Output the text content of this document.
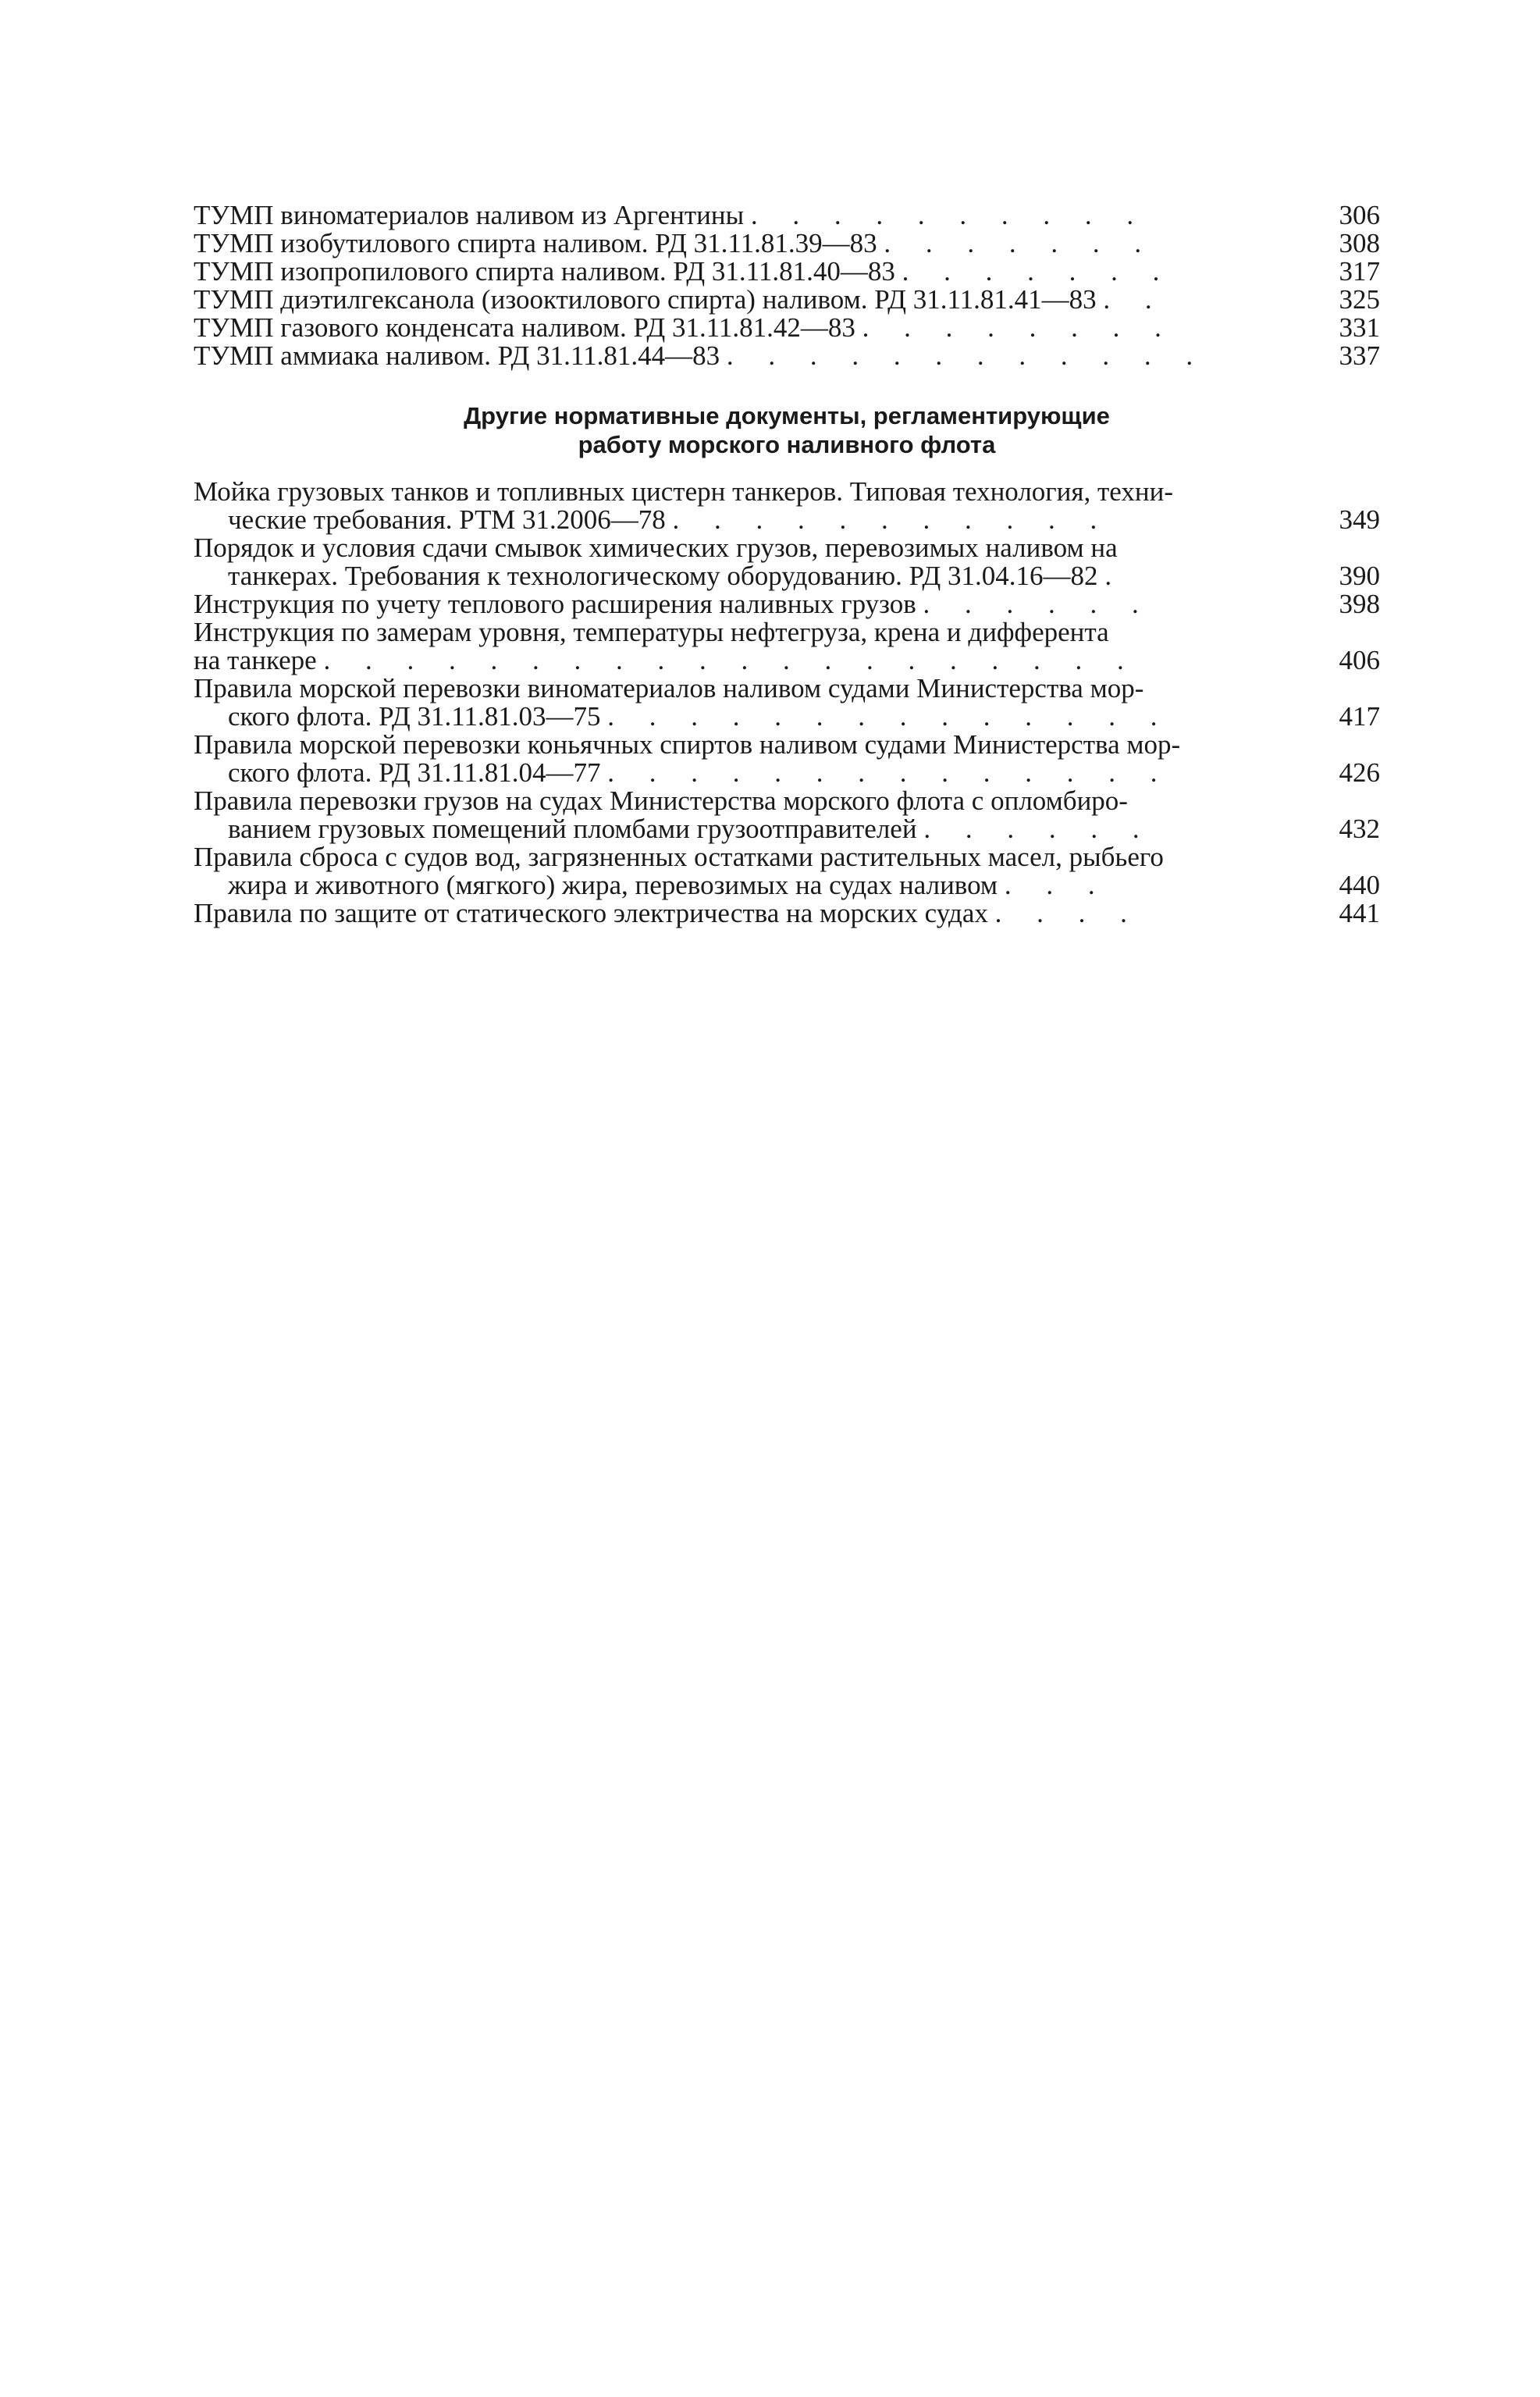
ТУМП виноматериалов наливом из Аргентины . . . . . . . . . .	306
ТУМП изобутилового спирта наливом. РД 31.11.81.39—83 . . . . . . .	308
ТУМП изопропилового спирта наливом. РД 31.11.81.40—83 . . . . . . .	317
ТУМП диэтилгексанола (изооктилового спирта) наливом. РД 31.11.81.41—83 . .	325
ТУМП газового конденсата наливом. РД 31.11.81.42—83 . . . . . . . .	331
ТУМП аммиака наливом. РД 31.11.81.44—83 . . . . . . . . . . . .	337
Другие нормативные документы, регламентирующие
работу морского наливного флота
Мойка грузовых танков и топливных цистерн танкеров. Типовая технология, техни-
ческие требования. РТМ 31.2006—78 . . . . . . . . . . .	349
Порядок и условия сдачи смывок химических грузов, перевозимых наливом на
танкерах. Требования к технологическому оборудованию. РД 31.04.16—82 .	390
Инструкция по учету теплового расширения наливных грузов . . . . . .	398
Инструкция по замерам уровня, температуры нефтегруза, крена и дифферента
на танкере . . . . . . . . . . . . . . . . . . . .	406
Правила морской перевозки виноматериалов наливом судами Министерства мор-
ского флота. РД 31.11.81.03—75 . . . . . . . . . . . . . .	417
Правила морской перевозки коньячных спиртов наливом судами Министерства мор-
ского флота. РД 31.11.81.04—77 . . . . . . . . . . . . . .	426
Правила перевозки грузов на судах Министерства морского флота с опломбиро-
ванием грузовых помещений пломбами грузоотправителей . . . . . .	432
Правила сброса с судов вод, загрязненных остатками растительных масел, рыбьего
жира и животного (мягкого) жира, перевозимых на судах наливом . . .	440
Правила по защите от статического электричества на морских судах . . . .	441
